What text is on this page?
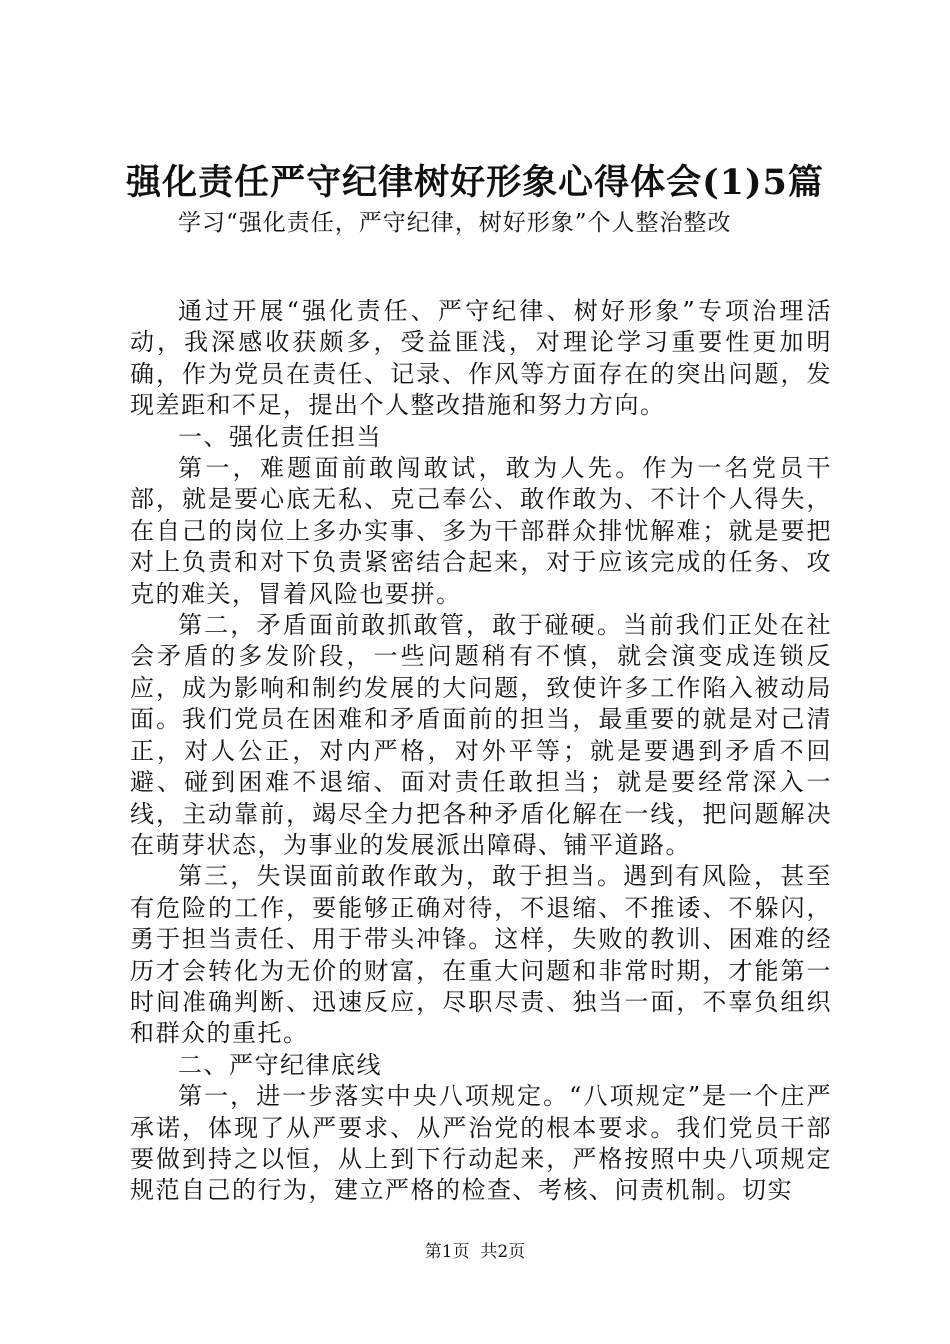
强化责任严守纪律树好形象心得体会(1)5篇
学习“强化责任，严守纪律，树好形象”个人整治整改

通过开展“强化责任、严守纪律、树好形象”专项治理活动，我深感收获颇多，受益匪浅，对理论学习重要性更加明确，作为党员在责任、记录、作风等方面存在的突出问题，发现差距和不足，提出个人整改措施和努力方向。

一、强化责任担当

第一，难题面前敢闯敢试，敢为人先。作为一名党员干部，就是要心底无私、克己奉公、敢作敢为、不计个人得失，在自己的岗位上多办实事、多为干部群众排忧解难；就是要把对上负责和对下负责紧密结合起来，对于应该完成的任务、攻克的难关，冒着风险也要拼。

第二，矛盾面前敢抓敢管，敢于碰硬。当前我们正处在社会矛盾的多发阶段，一些问题稍有不慎，就会演变成连锁反应，成为影响和制约发展的大问题，致使许多工作陷入被动局面。我们党员在困难和矛盾面前的担当，最重要的就是对己清正，对人公正，对内严格，对外平等；就是要遇到矛盾不回避、碰到困难不退缩、面对责任敢担当；就是要经常深入一线，主动靠前，竭尽全力把各种矛盾化解在一线，把问题解决在萌芽状态，为事业的发展派出障碍、铺平道路。

第三，失误面前敢作敢为，敢于担当。遇到有风险，甚至有危险的工作，要能够正确对待，不退缩、不推诿、不躲闪，勇于担当责任、用于带头冲锋。这样，失败的教训、困难的经历才会转化为无价的财富，在重大问题和非常时期，才能第一时间准确判断、迅速反应，尽职尽责、独当一面，不辜负组织和群众的重托。

二、严守纪律底线

第一，进一步落实中央八项规定。“八项规定”是一个庄严承诺，体现了从严要求、从严治党的根本要求。我们党员干部要做到持之以恒，从上到下行动起来，严格按照中央八项规定规范自己的行为，建立严格的检查、考核、问责机制。切实

第1页  共2页
